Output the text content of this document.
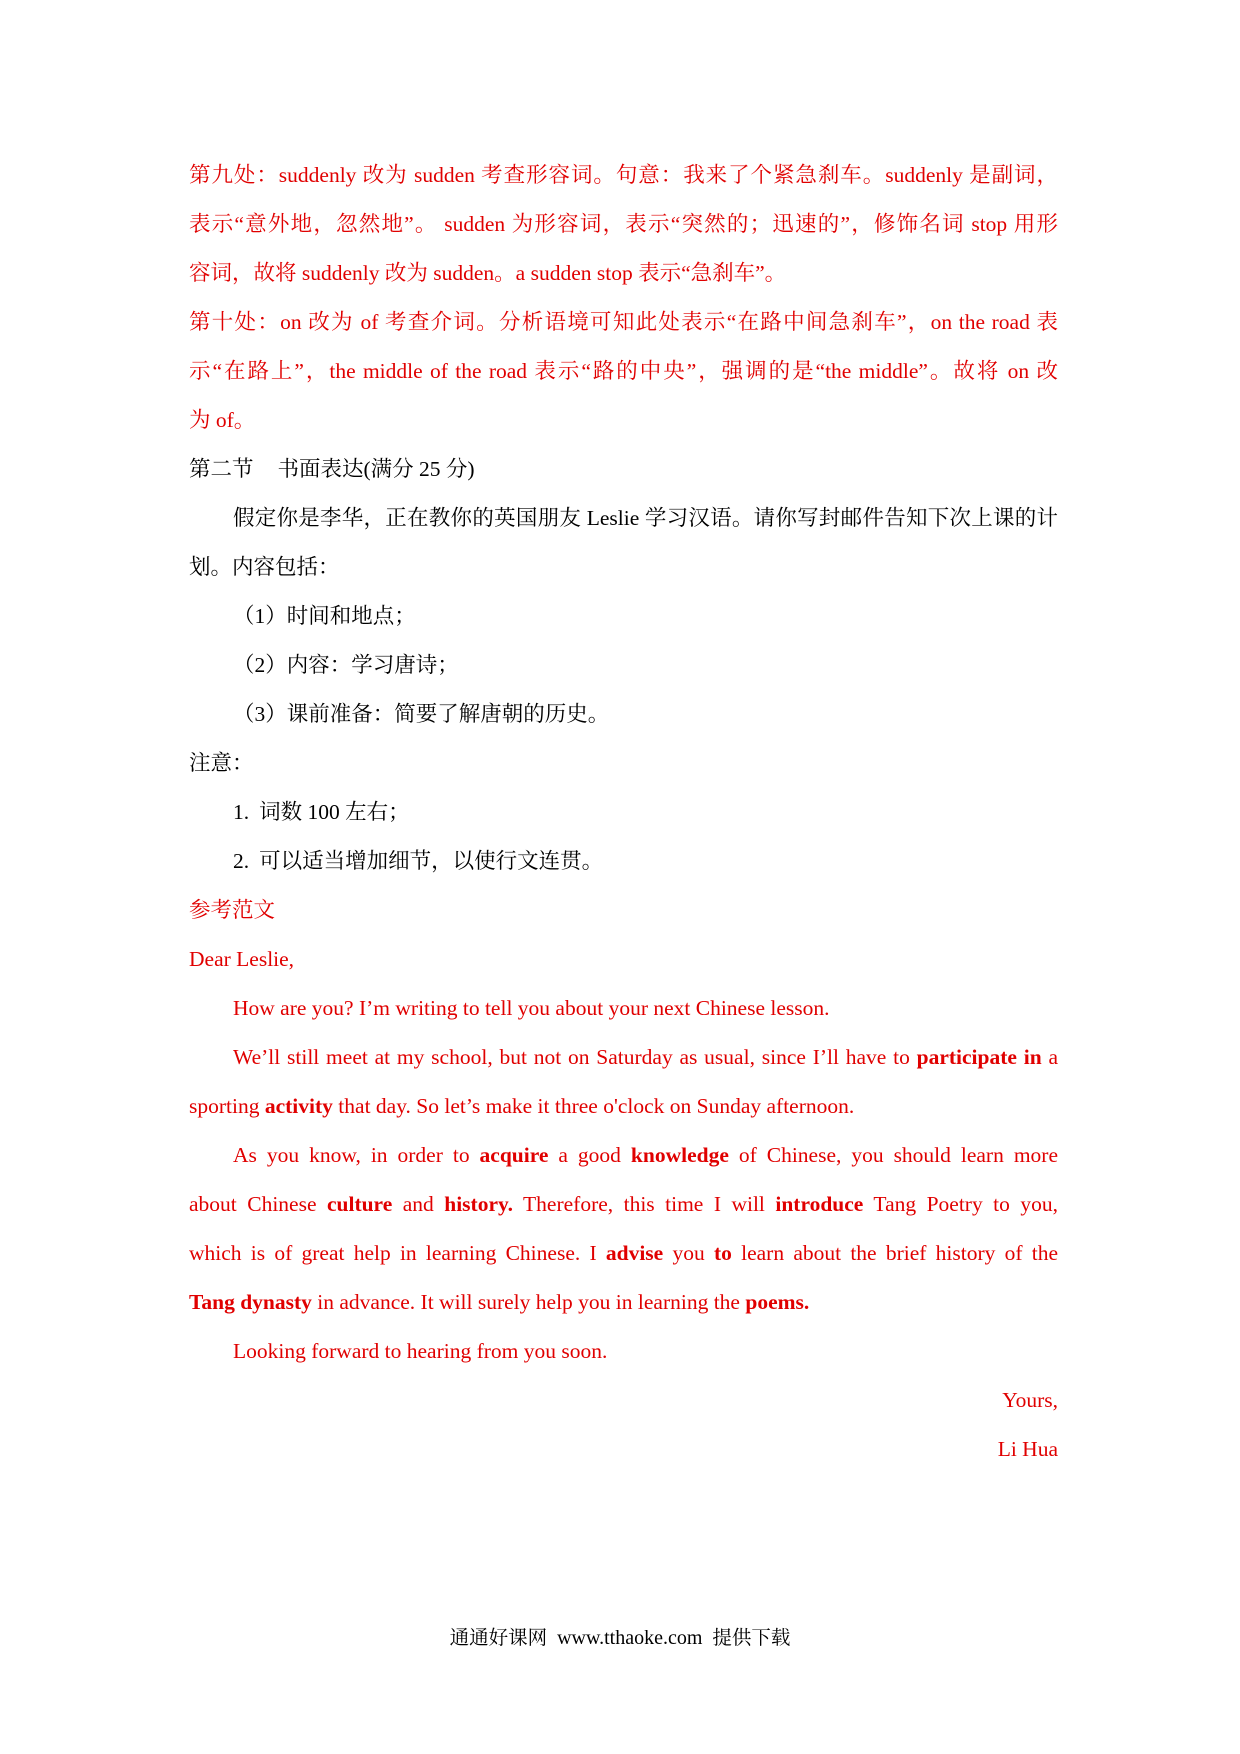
第九处：suddenly 改为 sudden 考查形容词。句意：我来了个紧急刹车。suddenly 是副词，
表示“意外地，忽然地”。 sudden 为形容词，表示“突然的；迅速的”，修饰名词 stop 用形
容词，故将 suddenly 改为 sudden。a sudden stop 表示“急刹车”。
第十处：on 改为 of 考查介词。分析语境可知此处表示“在路中间急刹车”，on the road 表
示“在路上”，the middle of the road 表示“路的中央”，强调的是“the middle”。故将 on 改
为 of。
第二节 书面表达(满分 25 分)
假定你是李华，正在教你的英国朋友 Leslie 学习汉语。请你写封邮件告知下次上课的计
划。内容包括：
（1）时间和地点；
（2）内容：学习唐诗；
（3）课前准备：简要了解唐朝的历史。
注意：
1. 词数 100 左右；
2. 可以适当增加细节，以使行文连贯。
参考范文
Dear Leslie,
How are you? I’m writing to tell you about your next Chinese lesson.
We’ll still meet at my school, but not on Saturday as usual, since I’ll have to participate in a
sporting activity that day. So let’s make it three o'clock on Sunday afternoon.
As you know, in order to acquire a good knowledge of Chinese, you should learn more
about Chinese culture and history. Therefore, this time I will introduce Tang Poetry to you,
which is of great help in learning Chinese. I advise you to learn about the brief history of the
Tang dynasty in advance. It will surely help you in learning the poems.
Looking forward to hearing from you soon.
Yours,
Li Hua
通通好课网 www.tthaoke.com 提供下载
